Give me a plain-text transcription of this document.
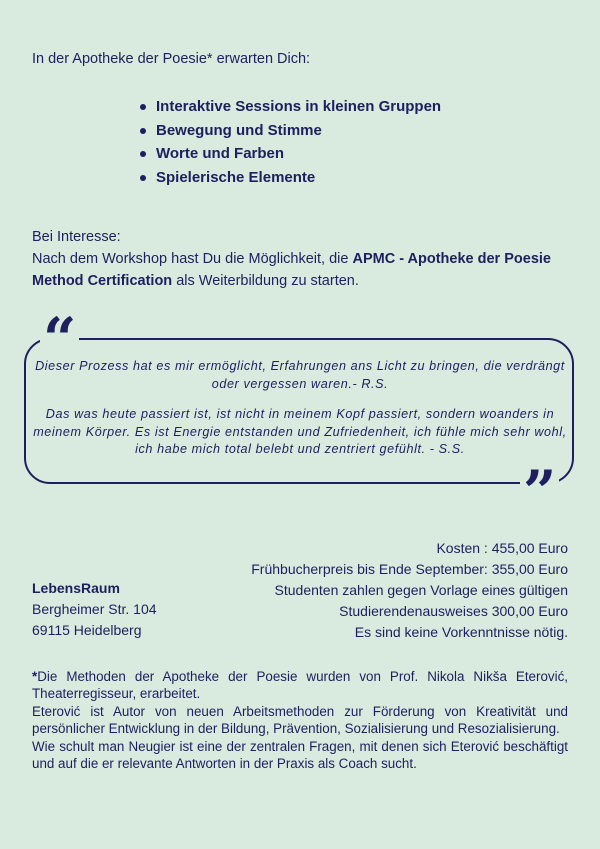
In der Apotheke der Poesie* erwarten Dich:
Interaktive Sessions in kleinen Gruppen
Bewegung und Stimme
Worte und Farben
Spielerische Elemente
Bei Interesse:
Nach dem Workshop hast Du die Möglichkeit, die APMC - Apotheke der Poesie Method Certification als Weiterbildung zu starten.
“
”

Dieser Prozess hat es mir ermöglicht, Erfahrungen ans Licht zu bringen, die verdrängt oder vergessen waren.- R.S.

Das was heute passiert ist, ist nicht in meinem Kopf passiert, sondern woanders in meinem Körper. Es ist Energie entstanden und Zufriedenheit, ich fühle mich sehr wohl, ich habe mich total belebt und zentriert gefühlt. - S.S.

LebensRaum
Bergheimer Str. 104
69115 Heidelberg
Kosten : 455,00 Euro
Frühbucherpreis bis Ende September: 355,00 Euro
Studenten zahlen gegen Vorlage eines gültigen
Studierendenausweises 300,00 Euro
Es sind keine Vorkenntnisse nötig.

*Die Methoden der Apotheke der Poesie wurden von Prof. Nikola Nikša Eterović, Theaterregisseur, erarbeitet.

Eterović ist Autor von neuen Arbeitsmethoden zur Förderung von Kreativität und persönlicher Entwicklung in der Bildung, Prävention, Sozialisierung und Resozialisierung.

Wie schult man Neugier ist eine der zentralen Fragen, mit denen sich Eterović beschäftigt und auf die er relevante Antworten in der Praxis als Coach sucht.
